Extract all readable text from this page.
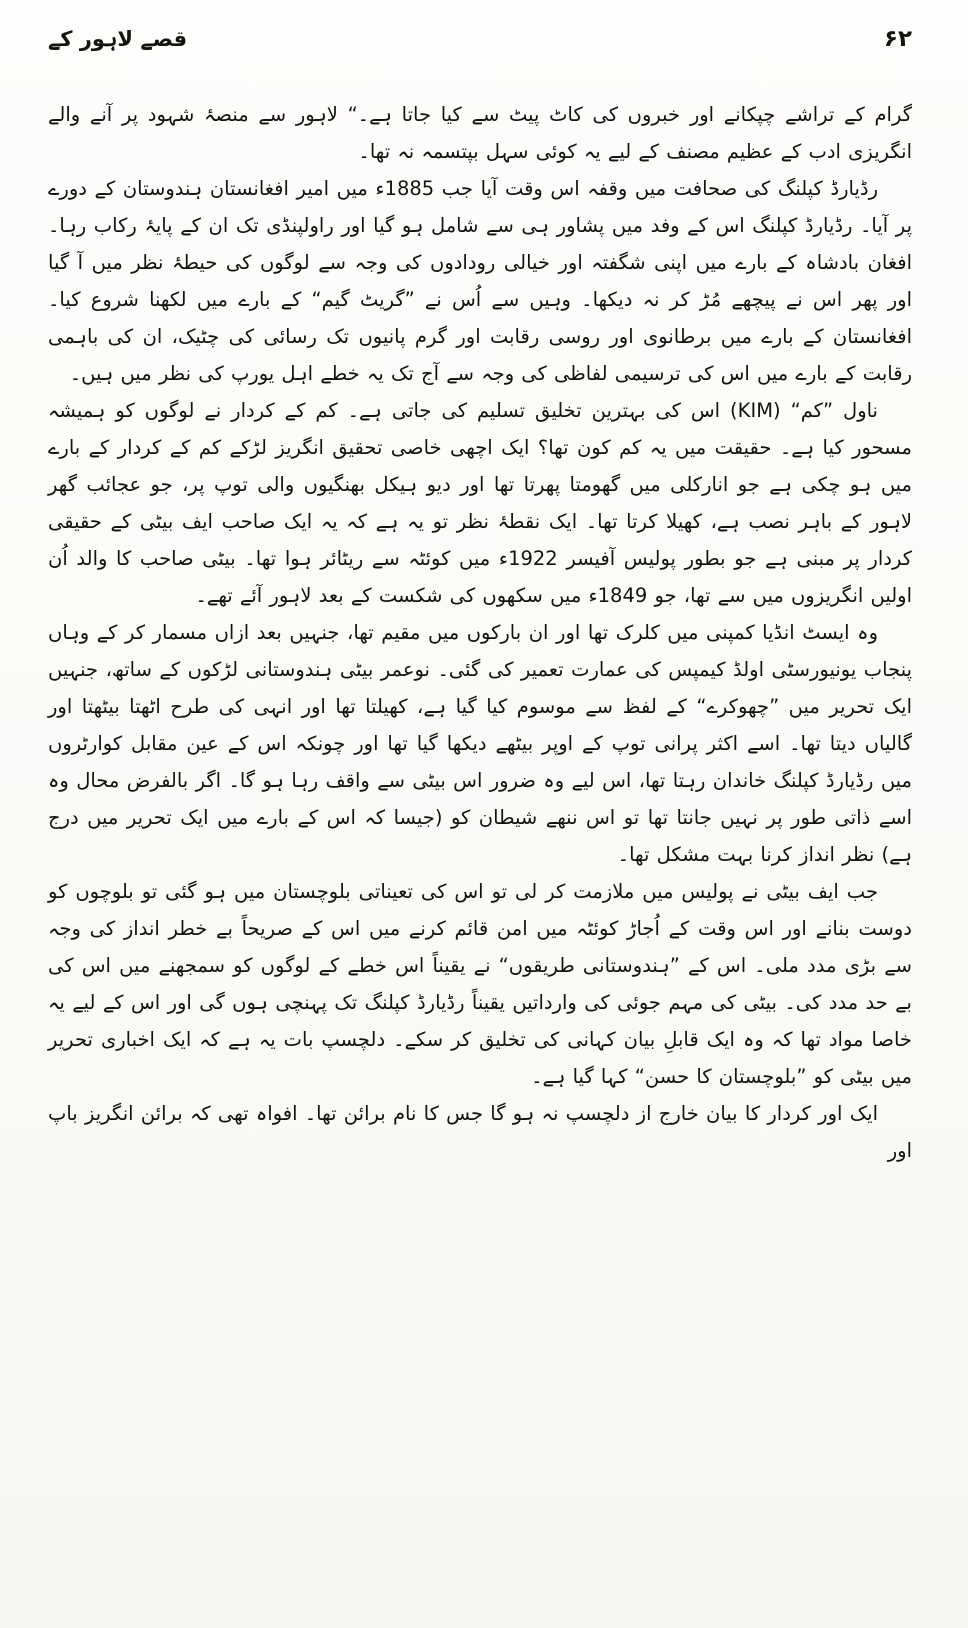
۶۲
قصے لاہور کے

گرام کے تراشے چپکانے اور خبروں کی کاٹ پیٹ سے کیا جاتا ہے۔“ لاہور سے منصۂ شہود پر آنے والے انگریزی ادب کے عظیم مصنف کے لیے یہ کوئی سہل بپتسمہ نہ تھا۔

رڈیارڈ کپلنگ کی صحافت میں وقفہ اس وقت آیا جب 1885ء میں امیر افغانستان ہندوستان کے دورے پر آیا۔ رڈیارڈ کپلنگ اس کے وفد میں پشاور ہی سے شامل ہو گیا اور راولپنڈی تک ان کے پایۂ رکاب رہا۔ افغان بادشاہ کے بارے میں اپنی شگفتہ اور خیالی رودادوں کی وجہ سے لوگوں کی حیطۂ نظر میں آ گیا اور پھر اس نے پیچھے مُڑ کر نہ دیکھا۔ وہیں سے اُس نے ”گریٹ گیم“ کے بارے میں لکھنا شروع کیا۔ افغانستان کے بارے میں برطانوی اور روسی رقابت اور گرم پانیوں تک رسائی کی چٹیک، ان کی باہمی رقابت کے بارے میں اس کی ترسیمی لفاظی کی وجہ سے آج تک یہ خطے اہل یورپ کی نظر میں ہیں۔

ناول ”کم“ (KIM) اس کی بہترین تخلیق تسلیم کی جاتی ہے۔ کم کے کردار نے لوگوں کو ہمیشہ مسحور کیا ہے۔ حقیقت میں یہ کم کون تھا؟ ایک اچھی خاصی تحقیق انگریز لڑکے کم کے کردار کے بارے میں ہو چکی ہے جو انارکلی میں گھومتا پھرتا تھا اور دیو ہیکل بھنگیوں والی توپ پر، جو عجائب گھر لاہور کے باہر نصب ہے، کھیلا کرتا تھا۔ ایک نقطۂ نظر تو یہ ہے کہ یہ ایک صاحب ایف بیٹی کے حقیقی کردار پر مبنی ہے جو بطور پولیس آفیسر 1922ء میں کوئٹہ سے ریٹائر ہوا تھا۔ بیٹی صاحب کا والد اُن اولیں انگریزوں میں سے تھا، جو 1849ء میں سکھوں کی شکست کے بعد لاہور آئے تھے۔

وہ ایسٹ انڈیا کمپنی میں کلرک تھا اور ان بارکوں میں مقیم تھا، جنہیں بعد ازاں مسمار کر کے وہاں پنجاب یونیورسٹی اولڈ کیمپس کی عمارت تعمیر کی گئی۔ نوعمر بیٹی ہندوستانی لڑکوں کے ساتھ، جنہیں ایک تحریر میں ”چھوکرے“ کے لفظ سے موسوم کیا گیا ہے، کھیلتا تھا اور انہی کی طرح اٹھتا بیٹھتا اور گالیاں دیتا تھا۔ اسے اکثر پرانی توپ کے اوپر بیٹھے دیکھا گیا تھا اور چونکہ اس کے عین مقابل کوارٹروں میں رڈیارڈ کپلنگ خاندان رہتا تھا، اس لیے وہ ضرور اس بیٹی سے واقف رہا ہو گا۔ اگر بالفرض محال وہ اسے ذاتی طور پر نہیں جانتا تھا تو اس ننھے شیطان کو (جیسا کہ اس کے بارے میں ایک تحریر میں درج ہے) نظر انداز کرنا بہت مشکل تھا۔

جب ایف بیٹی نے پولیس میں ملازمت کر لی تو اس کی تعیناتی بلوچستان میں ہو گئی تو بلوچوں کو دوست بنانے اور اس وقت کے اُجاڑ کوئٹہ میں امن قائم کرنے میں اس کے صریحاً بے خطر انداز کی وجہ سے بڑی مدد ملی۔ اس کے ”ہندوستانی طریقوں“ نے یقیناً اس خطے کے لوگوں کو سمجھنے میں اس کی بے حد مدد کی۔ بیٹی کی مہم جوئی کی وارداتیں یقیناً رڈیارڈ کپلنگ تک پہنچی ہوں گی اور اس کے لیے یہ خاصا مواد تھا کہ وہ ایک قابلِ بیان کہانی کی تخلیق کر سکے۔ دلچسپ بات یہ ہے کہ ایک اخباری تحریر میں بیٹی کو ”بلوچستان کا حسن“ کہا گیا ہے۔

ایک اور کردار کا بیان خارج از دلچسپ نہ ہو گا جس کا نام برائن تھا۔ افواہ تھی کہ برائن انگریز باپ اور
